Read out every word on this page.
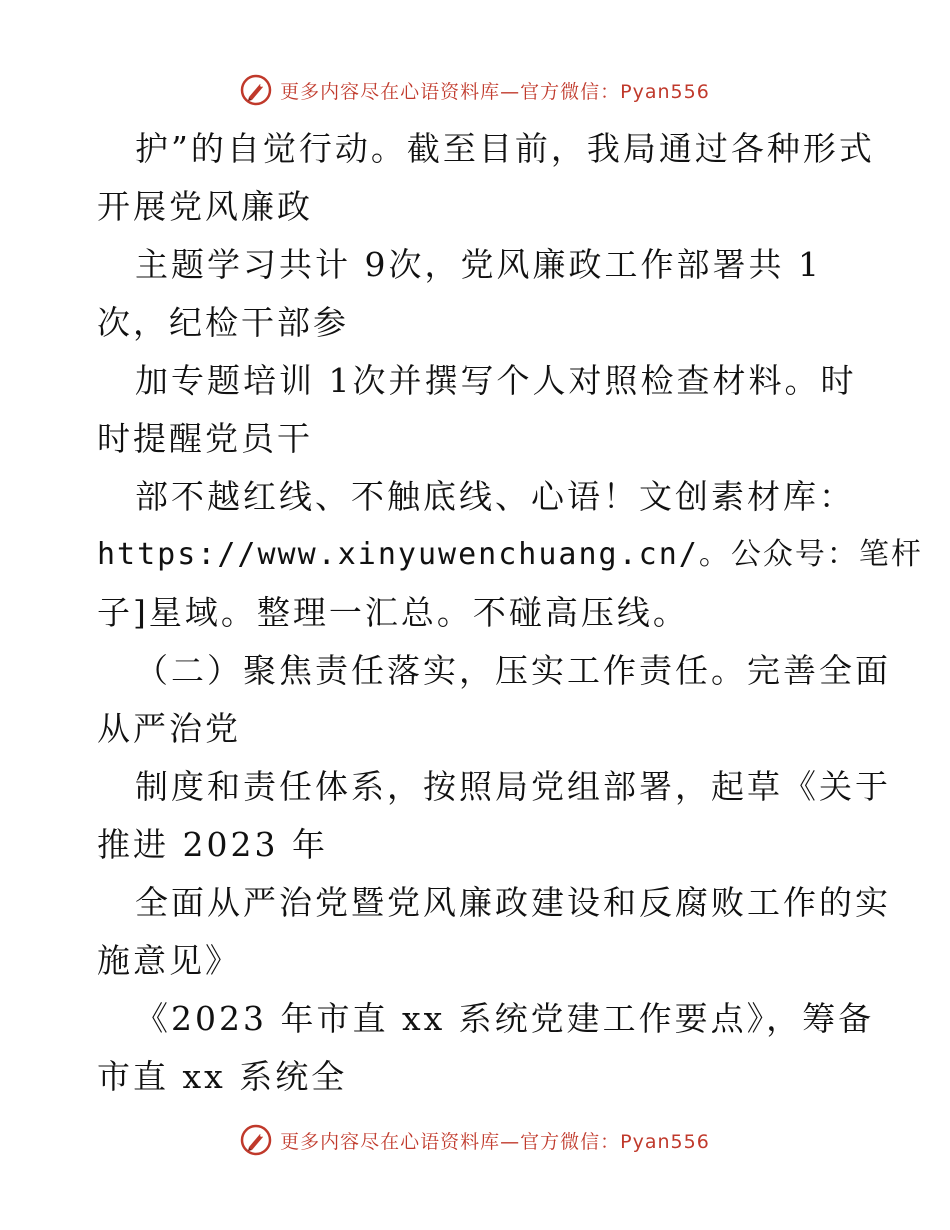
更多内容尽在心语资料库—官方微信：Pyan556
护”的自觉行动。截至目前，我局通过各种形式
开展党风廉政
主题学习共计 9次，党风廉政工作部署共 1
次，纪检干部参
加专题培训 1次并撰写个人对照检查材料。时
时提醒党员干
部不越红线、不触底线、心语！文创素材库：
https://www.xinyuwenchuang.cn/。公众号：笔杆
子]星域。整理一汇总。不碰高压线。
（二）聚焦责任落实，压实工作责任。完善全面
从严治党
制度和责任体系，按照局党组部署，起草《关于
推进 2023 年
全面从严治党暨党风廉政建设和反腐败工作的实
施意见》
《2023 年市直 xx 系统党建工作要点》，筹备
市直 xx 系统全
更多内容尽在心语资料库—官方微信：Pyan556
